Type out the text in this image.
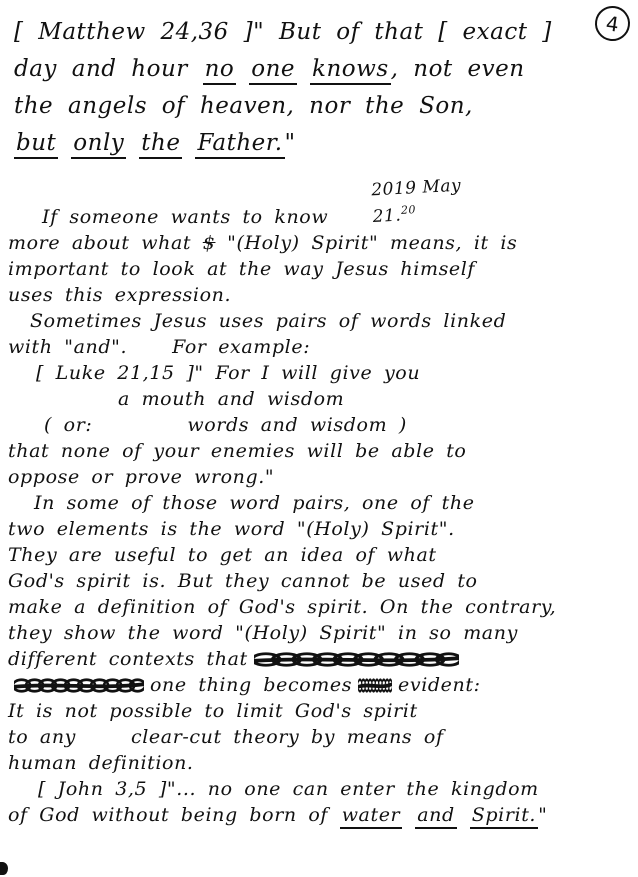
4
[ Matthew 24,36 ]" But of that [ exact ]
day and hour no one knows, not even
the angels of heaven, nor the Son,
but only the Father."
2019 May
21.20
If someone wants to know
more about what $ "(Holy) Spirit" means, it is
important to look at the way Jesus himself
uses this expression.
Sometimes Jesus uses pairs of words linked
with "and". For example:
[ Luke 21,15 ]" For I will give you
a mouth and wisdom
( or:	words and wisdom )
that none of your enemies will be able to
oppose or prove wrong."
In some of those word pairs, one of the
two elements is the word "(Holy) Spirit".
They are useful to get an idea of what
God's spirit is. But they cannot be used to
make a definition of God's spirit. On the contrary,
they show the word "(Holy) Spirit" in so many
different contexts that
one thing becomes evident:
It is not possible to limit God's spirit
to any	clear-cut theory by means of
human definition.
[ John 3,5 ]"... no one can enter the kingdom
of God without being born of water and Spirit. "
